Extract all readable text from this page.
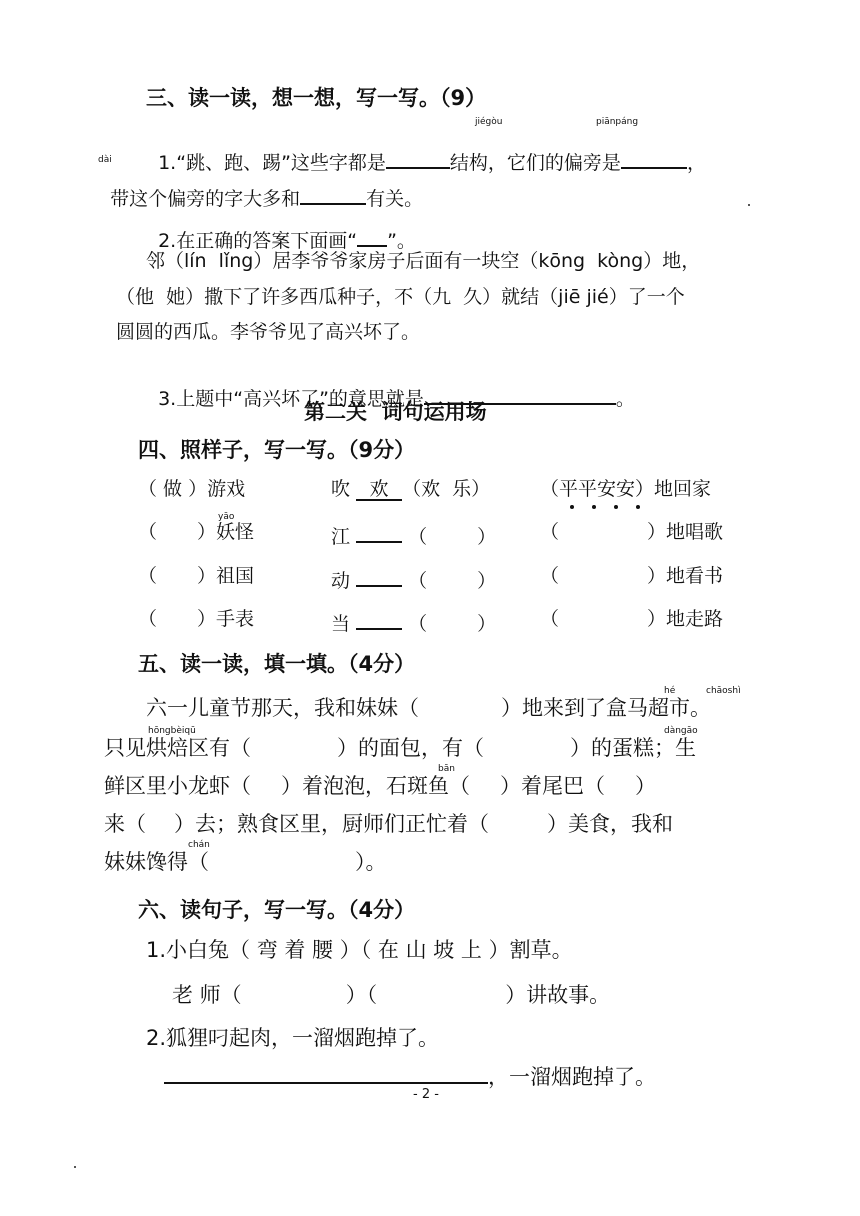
三、读一读，想一想，写一写。（9）
jiégòu	piānpáng

1.“跳、跑、踢”这些字都是	结构，它们的偏旁是	，

dài

带这个偏旁的字大多和	有关。

2.在正确的答案下面画“ ”。

邻（lín  lǐng）居李爷爷家房子后面有一块空（kōng  kòng）地，
（他  她）撒下了许多西瓜种子，不（九  久）就结（jiē jié）了一个
圆圆的西瓜。李爷爷见了高兴坏了。

3.上题中“高兴坏了”的意思就是	。

第二关  词句运用场
四、照样子，写一写。（9分）
（ 做 ）游戏	吹 欢 （欢  乐）	（平平安安）地回家
yāo
（ ）妖怪	江	（	） （	）地唱歌
（ ）祖国	动	（	） （	）地看书
（ ）手表	当	（	） （	）地走路
五、读一读，填一填。（4分）
hé	chāoshì
六一儿童节那天，我和妹妹（	）地来到了盒马超市。
hōngbèiqū	dàngāo
只见烘焙区有（	）的面包，有（	）的蛋糕；生
bān
鲜区里小龙虾（ ）着泡泡，石斑鱼（ ）着尾巴（ ）
来（ ）去；熟食区里，厨师们正忙着（	）美食，我和
chán
妹妹馋得（	）。
六、读句子，写一写。（4分）
1.小白兔（ 弯 着 腰 ）（ 在 山 坡 上 ）割草。
老 师（	）（	）讲故事。
2.狐狸叼起肉，一溜烟跑掉了。
，一溜烟跑掉了。
- 2 -
